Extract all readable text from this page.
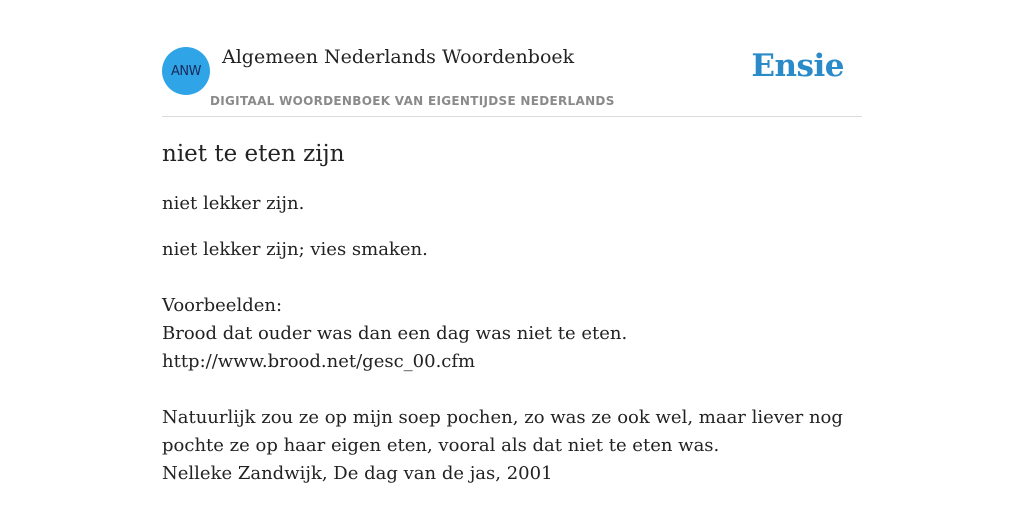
ANW
Algemeen Nederlands Woordenboek
DIGITAAL WOORDENBOEK VAN EIGENTIJDSE NEDERLANDS
Ensie
niet te eten zijn

niet lekker zijn.

niet lekker zijn; vies smaken.
Voorbeelden:
Brood dat ouder was dan een dag was niet te eten.
http://www.brood.net/gesc_00.cfm
Natuurlijk zou ze op mijn soep pochen, zo was ze ook wel, maar liever nog pochte ze op haar eigen eten, vooral als dat niet te eten was.
Nelleke Zandwijk, De dag van de jas, 2001
